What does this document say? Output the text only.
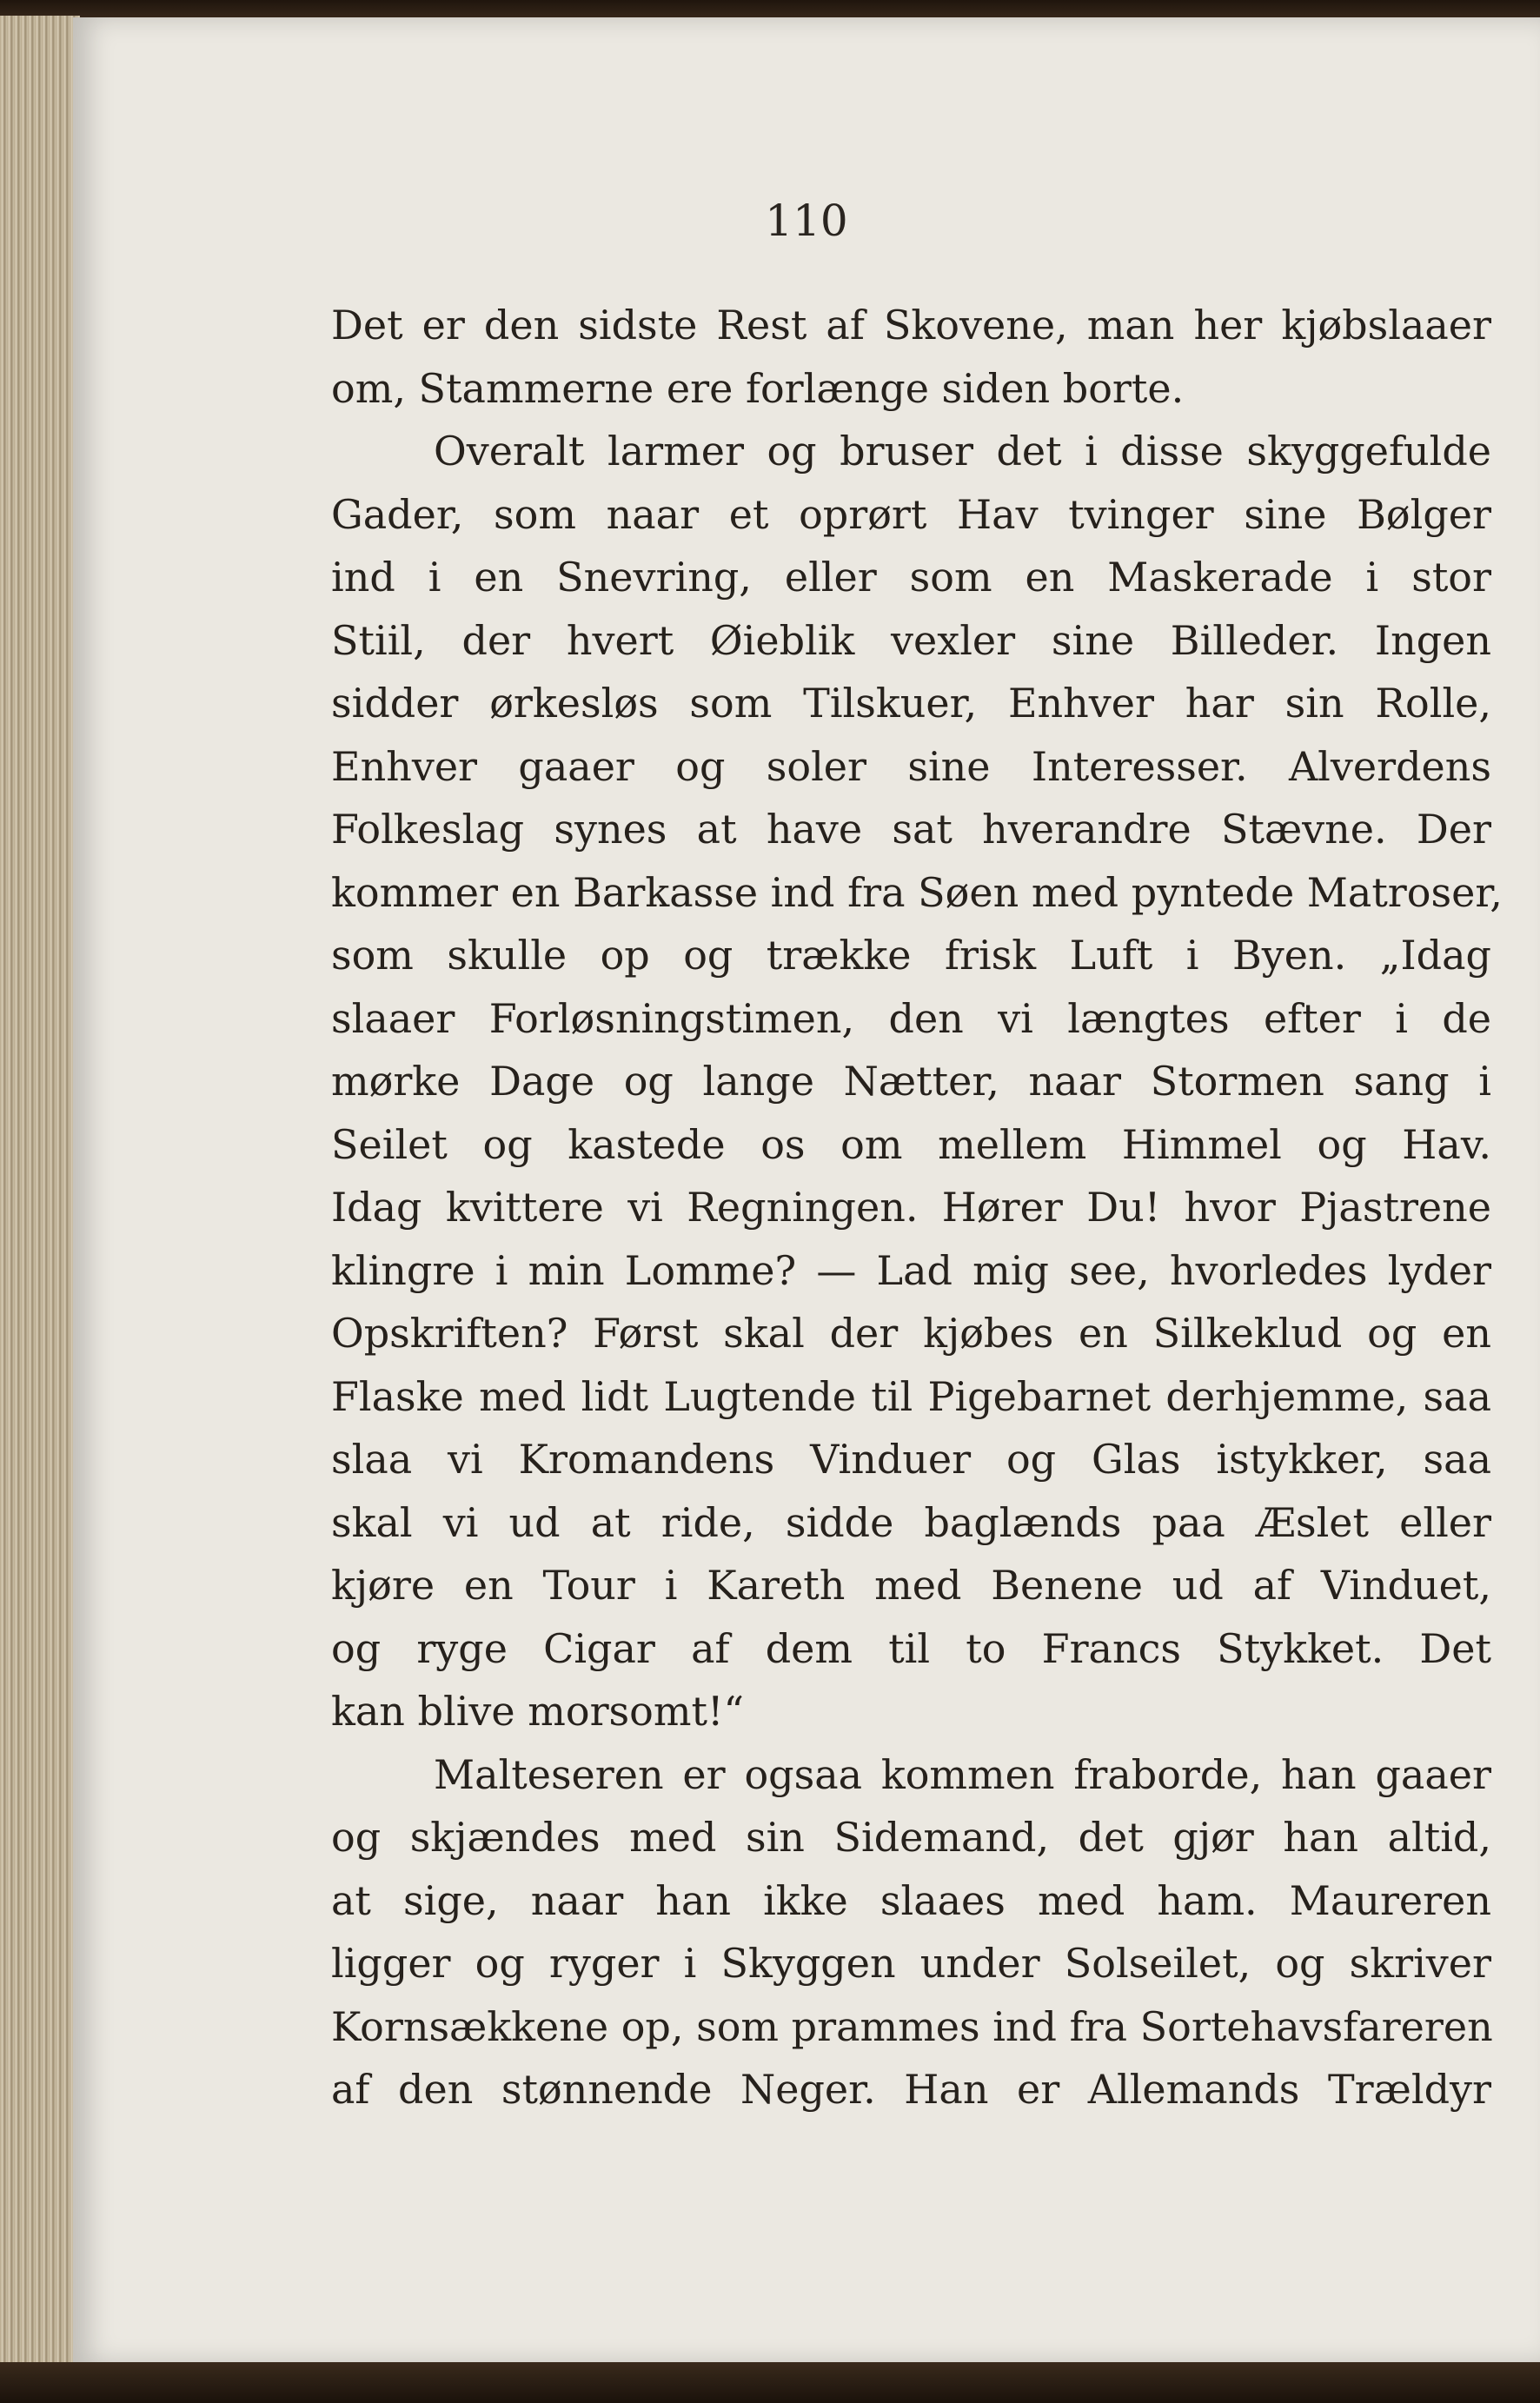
110
Det er den sidste Rest af Skovene, man her kjøbslaaer
om, Stammerne ere forlænge siden borte.
Overalt larmer og bruser det i disse skyggefulde
Gader, som naar et oprørt Hav tvinger sine Bølger
ind i en Snevring, eller som en Maskerade i stor
Stiil, der hvert Øieblik vexler sine Billeder. Ingen
sidder ørkesløs som Tilskuer, Enhver har sin Rolle,
Enhver gaaer og soler sine Interesser. Alverdens
Folkeslag synes at have sat hverandre Stævne. Der
kommer en Barkasse ind fra Søen med pyntede Matroser,
som skulle op og trække frisk Luft i Byen. „Idag
slaaer Forløsningstimen, den vi længtes efter i de
mørke Dage og lange Nætter, naar Stormen sang i
Seilet og kastede os om mellem Himmel og Hav.
Idag kvittere vi Regningen. Hører Du! hvor Pjastrene
klingre i min Lomme? — Lad mig see, hvorledes lyder
Opskriften? Først skal der kjøbes en Silkeklud og en
Flaske med lidt Lugtende til Pigebarnet derhjemme, saa
slaa vi Kromandens Vinduer og Glas istykker, saa
skal vi ud at ride, sidde baglænds paa Æslet eller
kjøre en Tour i Kareth med Benene ud af Vinduet,
og ryge Cigar af dem til to Francs Stykket. Det
kan blive morsomt!“
Malteseren er ogsaa kommen fraborde, han gaaer
og skjændes med sin Sidemand, det gjør han altid,
at sige, naar han ikke slaaes med ham. Maureren
ligger og ryger i Skyggen under Solseilet, og skriver
Kornsækkene op, som prammes ind fra Sortehavsfareren
af den stønnende Neger. Han er Allemands Trældyr
